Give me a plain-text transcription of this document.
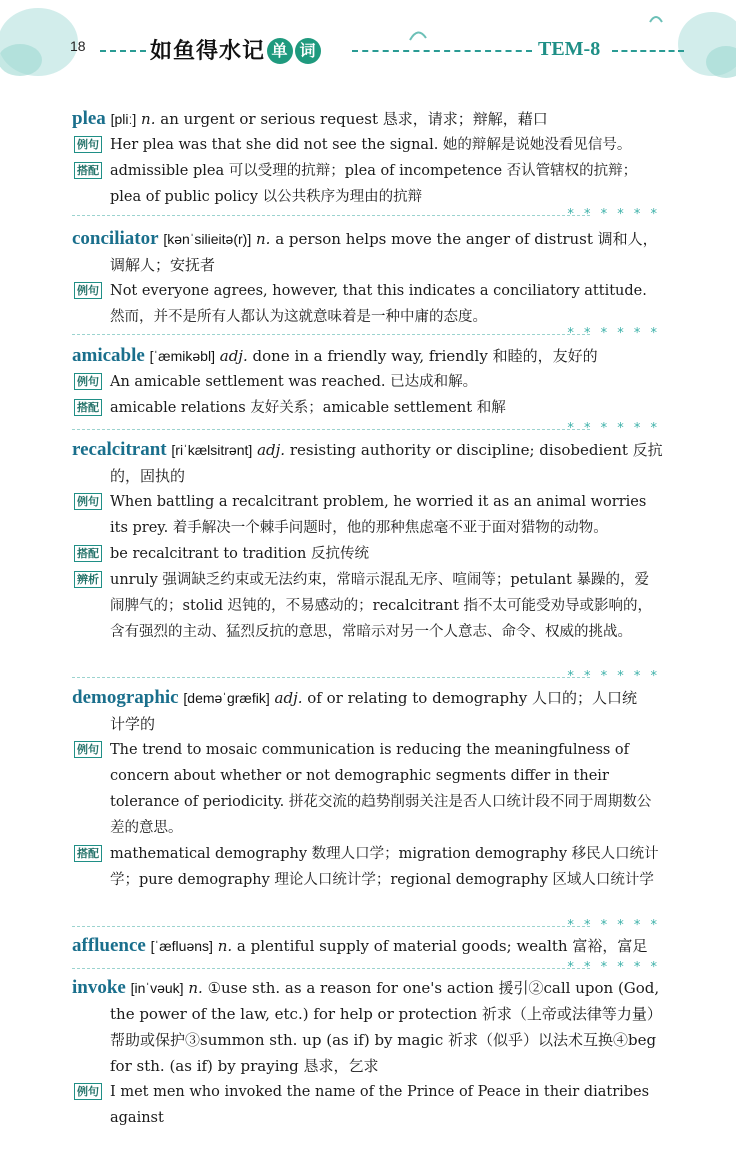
18	如鱼得水记 单 词	TEM-8
plea [pliː] n. an urgent or serious request 恳求，请求；辩解，藉口
例句 Her plea was that she did not see the signal. 她的辩解是说她没看见信号。
搭配 admissible plea 可以受理的抗辩；plea of incompetence 否认管辖权的抗辩；plea of public policy 以公共秩序为理由的抗辩
* * * * * *
conciliator [kənˈsilieitə(r)] n. a person helps move the anger of distrust 调和人，
调解人；安抚者
例句 Not everyone agrees, however, that this indicates a conciliatory attitude. 然而，并不是所有人都认为这就意味着是一种中庸的态度。
* * * * * *
amicable [ˈæmikəbl] adj. done in a friendly way, friendly 和睦的，友好的
例句 An amicable settlement was reached. 已达成和解。
搭配 amicable relations 友好关系；amicable settlement 和解
* * * * * *
recalcitrant [riˈkælsitrənt] adj. resisting authority or discipline; disobedient 反抗
的，固执的
例句 When battling a recalcitrant problem, he worried it as an animal worries its prey. 着手解决一个棘手问题时，他的那种焦虑毫不亚于面对猎物的动物。
搭配 be recalcitrant to tradition 反抗传统
辨析 unruly 强调缺乏约束或无法约束，常暗示混乱无序、喧闹等；petulant 暴躁的，爱闹脾气的；stolid 迟钝的，不易感动的；recalcitrant 指不太可能受劝导或影响的，含有强烈的主动、猛烈反抗的意思，常暗示对另一个人意志、命令、权威的挑战。
* * * * * *
demographic [deməˈgræfik] adj. of or relating to demography 人口的；人口统
计学的
例句 The trend to mosaic communication is reducing the meaningfulness of concern about whether or not demographic segments differ in their tolerance of periodicity. 拼花交流的趋势削弱关注是否人口统计段不同于周期数公差的意思。
搭配 mathematical demography 数理人口学；migration demography 移民人口统计学；pure demography 理论人口统计学；regional demography 区域人口统计学
* * * * * *
affluence [ˈæfluəns] n. a plentiful supply of material goods; wealth 富裕，富足
* * * * * *
invoke [inˈvəuk] n. ①use sth. as a reason for one's action 援引②call upon (God,
the power of the law, etc.) for help or protection 祈求（上帝或法律等力量）帮助或保护③summon sth. up (as if) by magic 祈求（似乎）以法术互换④beg for sth. (as if) by praying 恳求，乞求
例句 I met men who invoked the name of the Prince of Peace in their diatribes against
